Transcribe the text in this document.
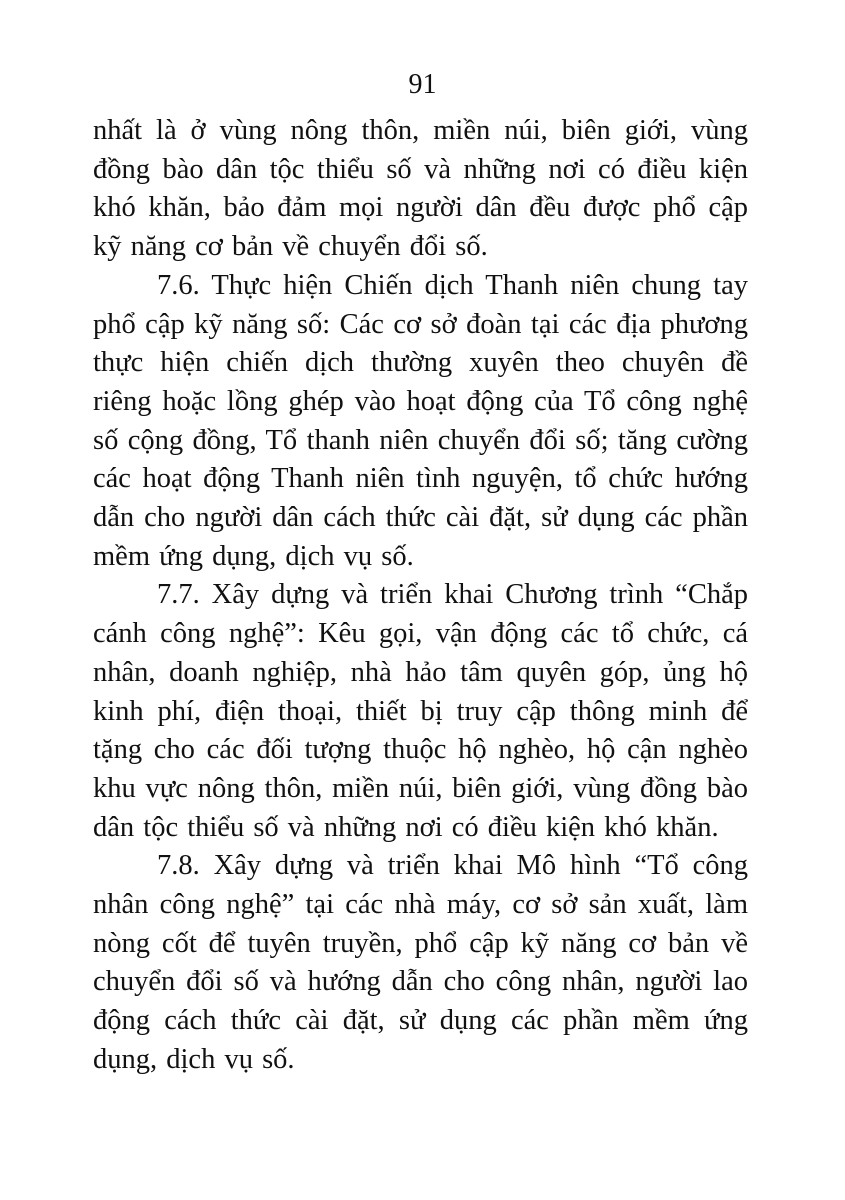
91

nhất là ở vùng nông thôn, miền núi, biên giới, vùng đồng bào dân tộc thiểu số và những nơi có điều kiện khó khăn, bảo đảm mọi người dân đều được phổ cập kỹ năng cơ bản về chuyển đổi số.

7.6. Thực hiện Chiến dịch Thanh niên chung tay phổ cập kỹ năng số: Các cơ sở đoàn tại các địa phương thực hiện chiến dịch thường xuyên theo chuyên đề riêng hoặc lồng ghép vào hoạt động của Tổ công nghệ số cộng đồng, Tổ thanh niên chuyển đổi số; tăng cường các hoạt động Thanh niên tình nguyện, tổ chức hướng dẫn cho người dân cách thức cài đặt, sử dụng các phần mềm ứng dụng, dịch vụ số.

7.7. Xây dựng và triển khai Chương trình “Chắp cánh công nghệ”: Kêu gọi, vận động các tổ chức, cá nhân, doanh nghiệp, nhà hảo tâm quyên góp, ủng hộ kinh phí, điện thoại, thiết bị truy cập thông minh để tặng cho các đối tượng thuộc hộ nghèo, hộ cận nghèo khu vực nông thôn, miền núi, biên giới, vùng đồng bào dân tộc thiểu số và những nơi có điều kiện khó khăn.

7.8. Xây dựng và triển khai Mô hình “Tổ công nhân công nghệ” tại các nhà máy, cơ sở sản xuất, làm nòng cốt để tuyên truyền, phổ cập kỹ năng cơ bản về chuyển đổi số và hướng dẫn cho công nhân, người lao động cách thức cài đặt, sử dụng các phần mềm ứng dụng, dịch vụ số.
